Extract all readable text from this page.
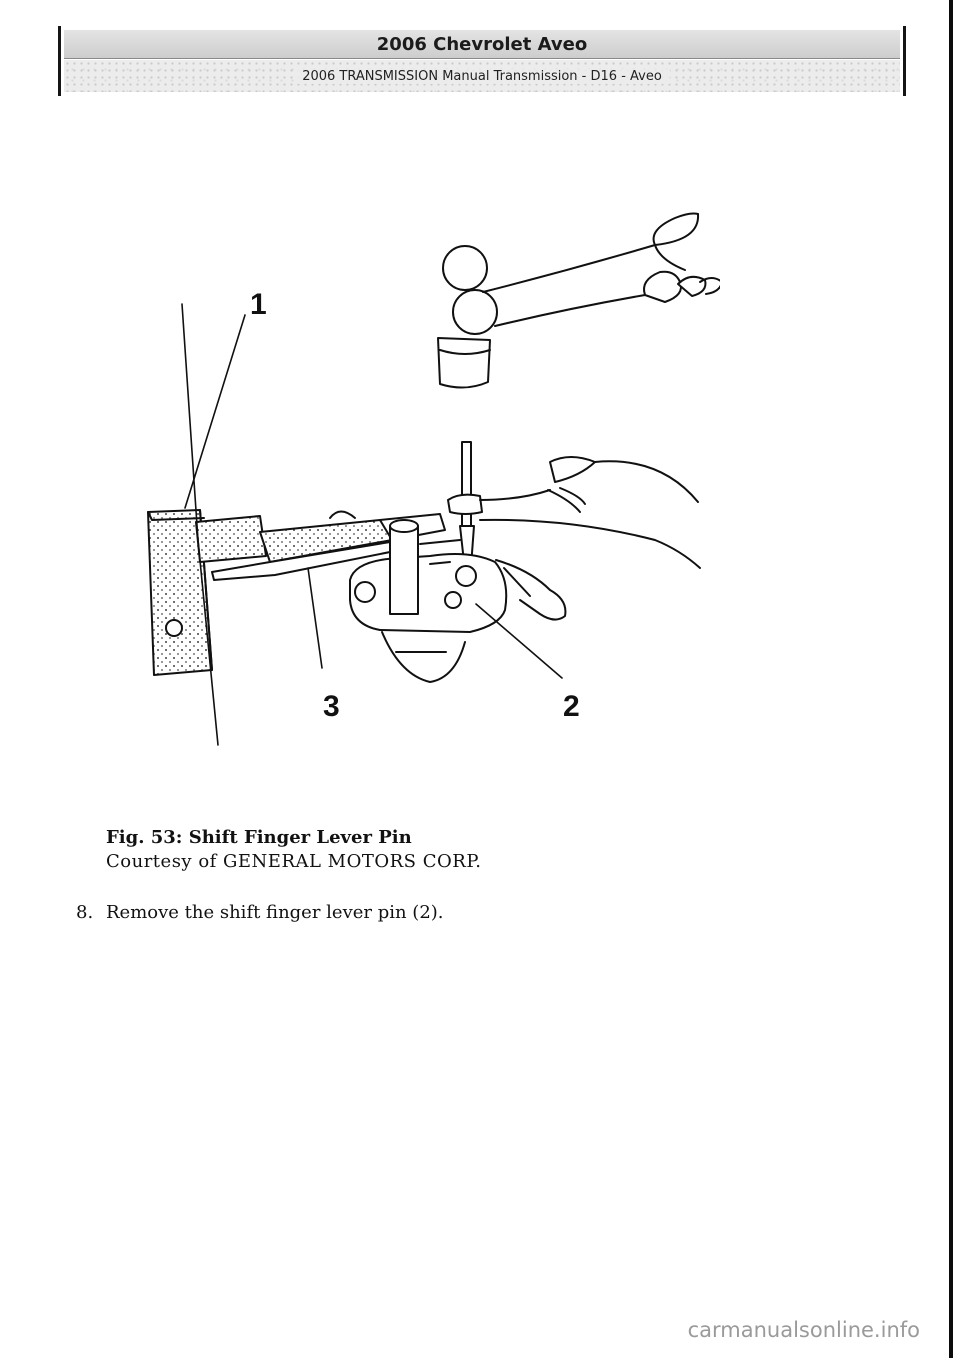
2006 Chevrolet Aveo
2006 TRANSMISSION Manual Transmission - D16 - Aveo
1
3	2
Fig. 53: Shift Finger Lever Pin
Courtesy of GENERAL MOTORS CORP.
8. Remove the shift finger lever pin (2).
carmanualsonline.info
